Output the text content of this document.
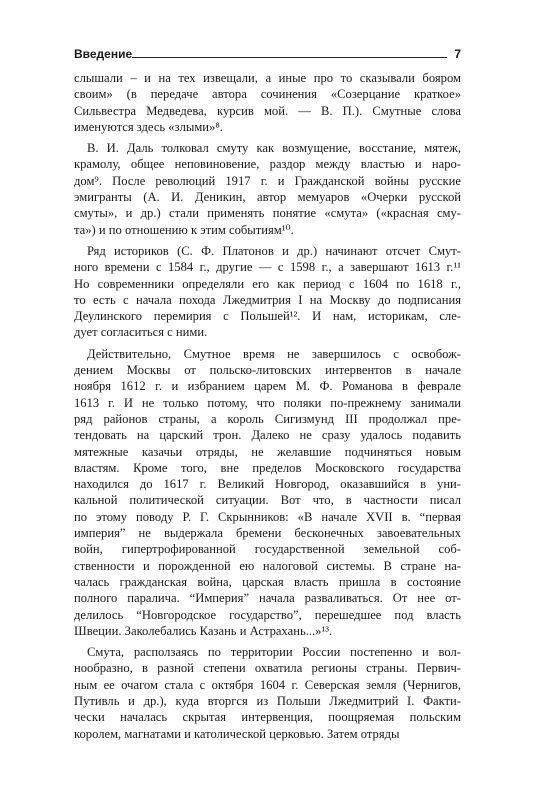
Введение	7
слышали – и на тех извещали, а иные про то сказывали бояром
своим» (в передаче автора сочинения «Созерцание краткое»
Сильвестра Медведева, курсив мой. — В. П.). Смутные слова
именуются здесь «злыми»⁸.
В. И. Даль толковал смуту как возмущение, восстание, мятеж,
крамолу, общее неповиновение, раздор между властью и наро-
дом⁹. После революций 1917 г. и Гражданской войны русские
эмигранты (А. И. Деникин, автор мемуаров «Очерки русской
смуты», и др.) стали применять понятие «смута» («красная сму-
та») и по отношению к этим событиям¹⁰.
Ряд историков (С. Ф. Платонов и др.) начинают отсчет Смут-
ного времени с 1584 г., другие — с 1598 г., а завершают 1613 г.¹¹
Но современники определяли его как период с 1604 по 1618 г.,
то есть с начала похода Лжедмитрия I на Москву до подписания
Деулинского перемирия с Польшей¹². И нам, историкам, сле-
дует согласиться с ними.
Действительно, Смутное время не завершилось с освобож-
дением Москвы от польско-литовских интервентов в начале
ноября 1612 г. и избранием царем М. Ф. Романова в феврале
1613 г. И не только потому, что поляки по-прежнему занимали
ряд районов страны, а король Сигизмунд III продолжал пре-
тендовать на царский трон. Далеко не сразу удалось подавить
мятежные казачьи отряды, не желавшие подчиняться новым
властям. Кроме того, вне пределов Московского государства
находился до 1617 г. Великий Новгород, оказавшийся в уни-
кальной политической ситуации. Вот что, в частности писал
по этому поводу Р. Г. Скрынников: «В начале XVII в. “первая
империя” не выдержала бремени бесконечных завоевательных
войн, гипертрофированной государственной земельной соб-
ственности и порожденной ею налоговой системы. В стране на-
чалась гражданская война, царская власть пришла в состояние
полного паралича. “Империя” начала разваливаться. От нее от-
делилось “Новгородское государство”, перешедшее под власть
Швеции. Заколебались Казань и Астрахань...»¹³.
Смута, расползаясь по территории России постепенно и вол-
нообразно, в разной степени охватила регионы страны. Первич-
ным ее очагом стала с октября 1604 г. Северская земля (Чернигов,
Путивль и др.), куда вторгся из Польши Лжедмитрий I. Факти-
чески началась скрытая интервенция, поощряемая польским
королем, магнатами и католической церковью. Затем отряды
